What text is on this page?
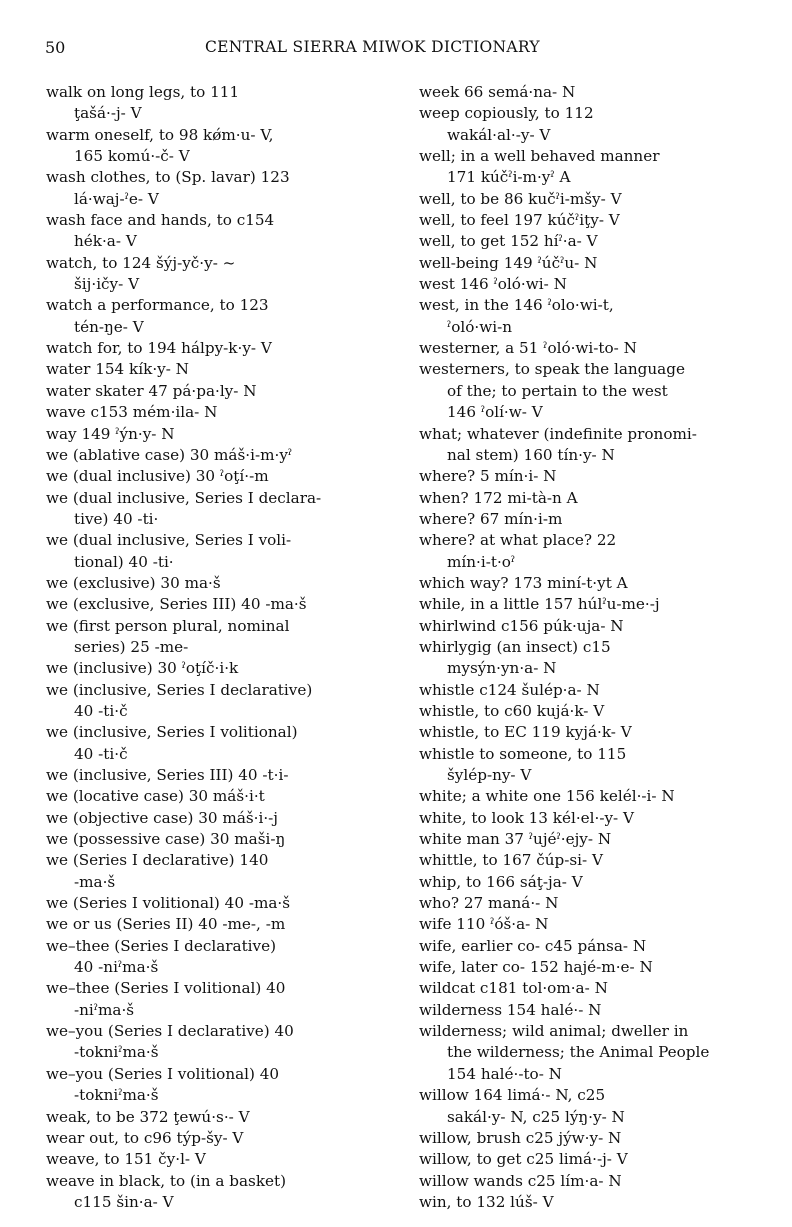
50	CENTRAL SIERRA MIWOK DICTIONARY
walk on long legs, to 111
ţašá·-j- V
warm oneself, to 98 kǿm·u- V,
165 komú·-č- V
wash clothes, to (Sp. lavar) 123
lá·waj-ˀe- V
wash face and hands, to c154
hék·a- V
watch, to 124 šýj-yč·y- ~
šij·ičy- V
watch a performance, to 123
tén-ŋe- V
watch for, to 194 hálpy-k·y- V
water 154 kík·y- N
water skater 47 pá·pa·ly- N
wave c153 mém·ila- N
way 149 ˀýn·y- N
we (ablative case) 30 máš·i-m·yˀ
we (dual inclusive) 30 ˀoţí·-m
we (dual inclusive, Series I declara-
tive) 40 -ti·
we (dual inclusive, Series I voli-
tional) 40 -ti·
we (exclusive) 30 ma·š
we (exclusive, Series III) 40 -ma·š
we (first person plural, nominal
series) 25 -me-
we (inclusive) 30 ˀoţíč·i·k
we (inclusive, Series I declarative)
40 -ti·č
we (inclusive, Series I volitional)
40 -ti·č
we (inclusive, Series III) 40 -t·i-
we (locative case) 30 máš·i·t
we (objective case) 30 máš·i·-j
we (possessive case) 30 maši-ŋ
we (Series I declarative) 140
-ma·š
we (Series I volitional) 40 -ma·š
we or us (Series II) 40 -me-, -m
we–thee (Series I declarative)
40 -niˀma·š
we–thee (Series I volitional) 40
-niˀma·š
we–you (Series I declarative) 40
-tokniˀma·š
we–you (Series I volitional) 40
-tokniˀma·š
weak, to be 372 ţewú·s·- V
wear out, to c96 týp-šy- V
weave, to 151 čy·l- V
weave in black, to (in a basket)
c115 šin·a- V
week 66 semá·na- N
weep copiously, to 112
wakál·al·-y- V
well; in a well behaved manner
171 kúčˀi-m·yˀ A
well, to be 86 kučˀi-mšy- V
well, to feel 197 kúčˀiţy- V
well, to get 152 híˀ·a- V
well-being 149 ˀúčˀu- N
west 146 ˀoló·wi- N
west, in the 146 ˀolo·wi-t,
ˀoló·wi-n
westerner, a 51 ˀoló·wi-to- N
westerners, to speak the language
of the; to pertain to the west
146 ˀolí·w- V
what; whatever (indefinite pronomi-
nal stem) 160 tín·y- N
where? 5 mín·i- N
when? 172 mi-tà-n A
where? 67 mín·i-m
where? at what place? 22
mín·i-t·oˀ
which way? 173 miní-t·yt A
while, in a little 157 húlˀu-me·-j
whirlwind c156 púk·uja- N
whirlygig (an insect) c15
mysýn·yn·a- N
whistle c124 šulép·a- N
whistle, to c60 kujá·k- V
whistle, to EC 119 kyjá·k- V
whistle to someone, to 115
šylép-ny- V
white; a white one 156 kelél·-i- N
white, to look 13 kél·el·-y- V
white man 37 ˀujéˀ·ejy- N
whittle, to 167 čúp-si- V
whip, to 166 sáţ-ja- V
who? 27 maná·- N
wife 110 ˀóš·a- N
wife, earlier co- c45 pánsa- N
wife, later co- 152 hajé-m·e- N
wildcat c181 tol·om·a- N
wilderness 154 halé·- N
wilderness; wild animal; dweller in
the wilderness; the Animal People
154 halé·-to- N
willow 164 limá·- N, c25
sakál·y- N, c25 lýŋ·y- N
willow, brush c25 jýw·y- N
willow, to get c25 limá·-j- V
willow wands c25 lím·a- N
win, to 132 lúš- V
